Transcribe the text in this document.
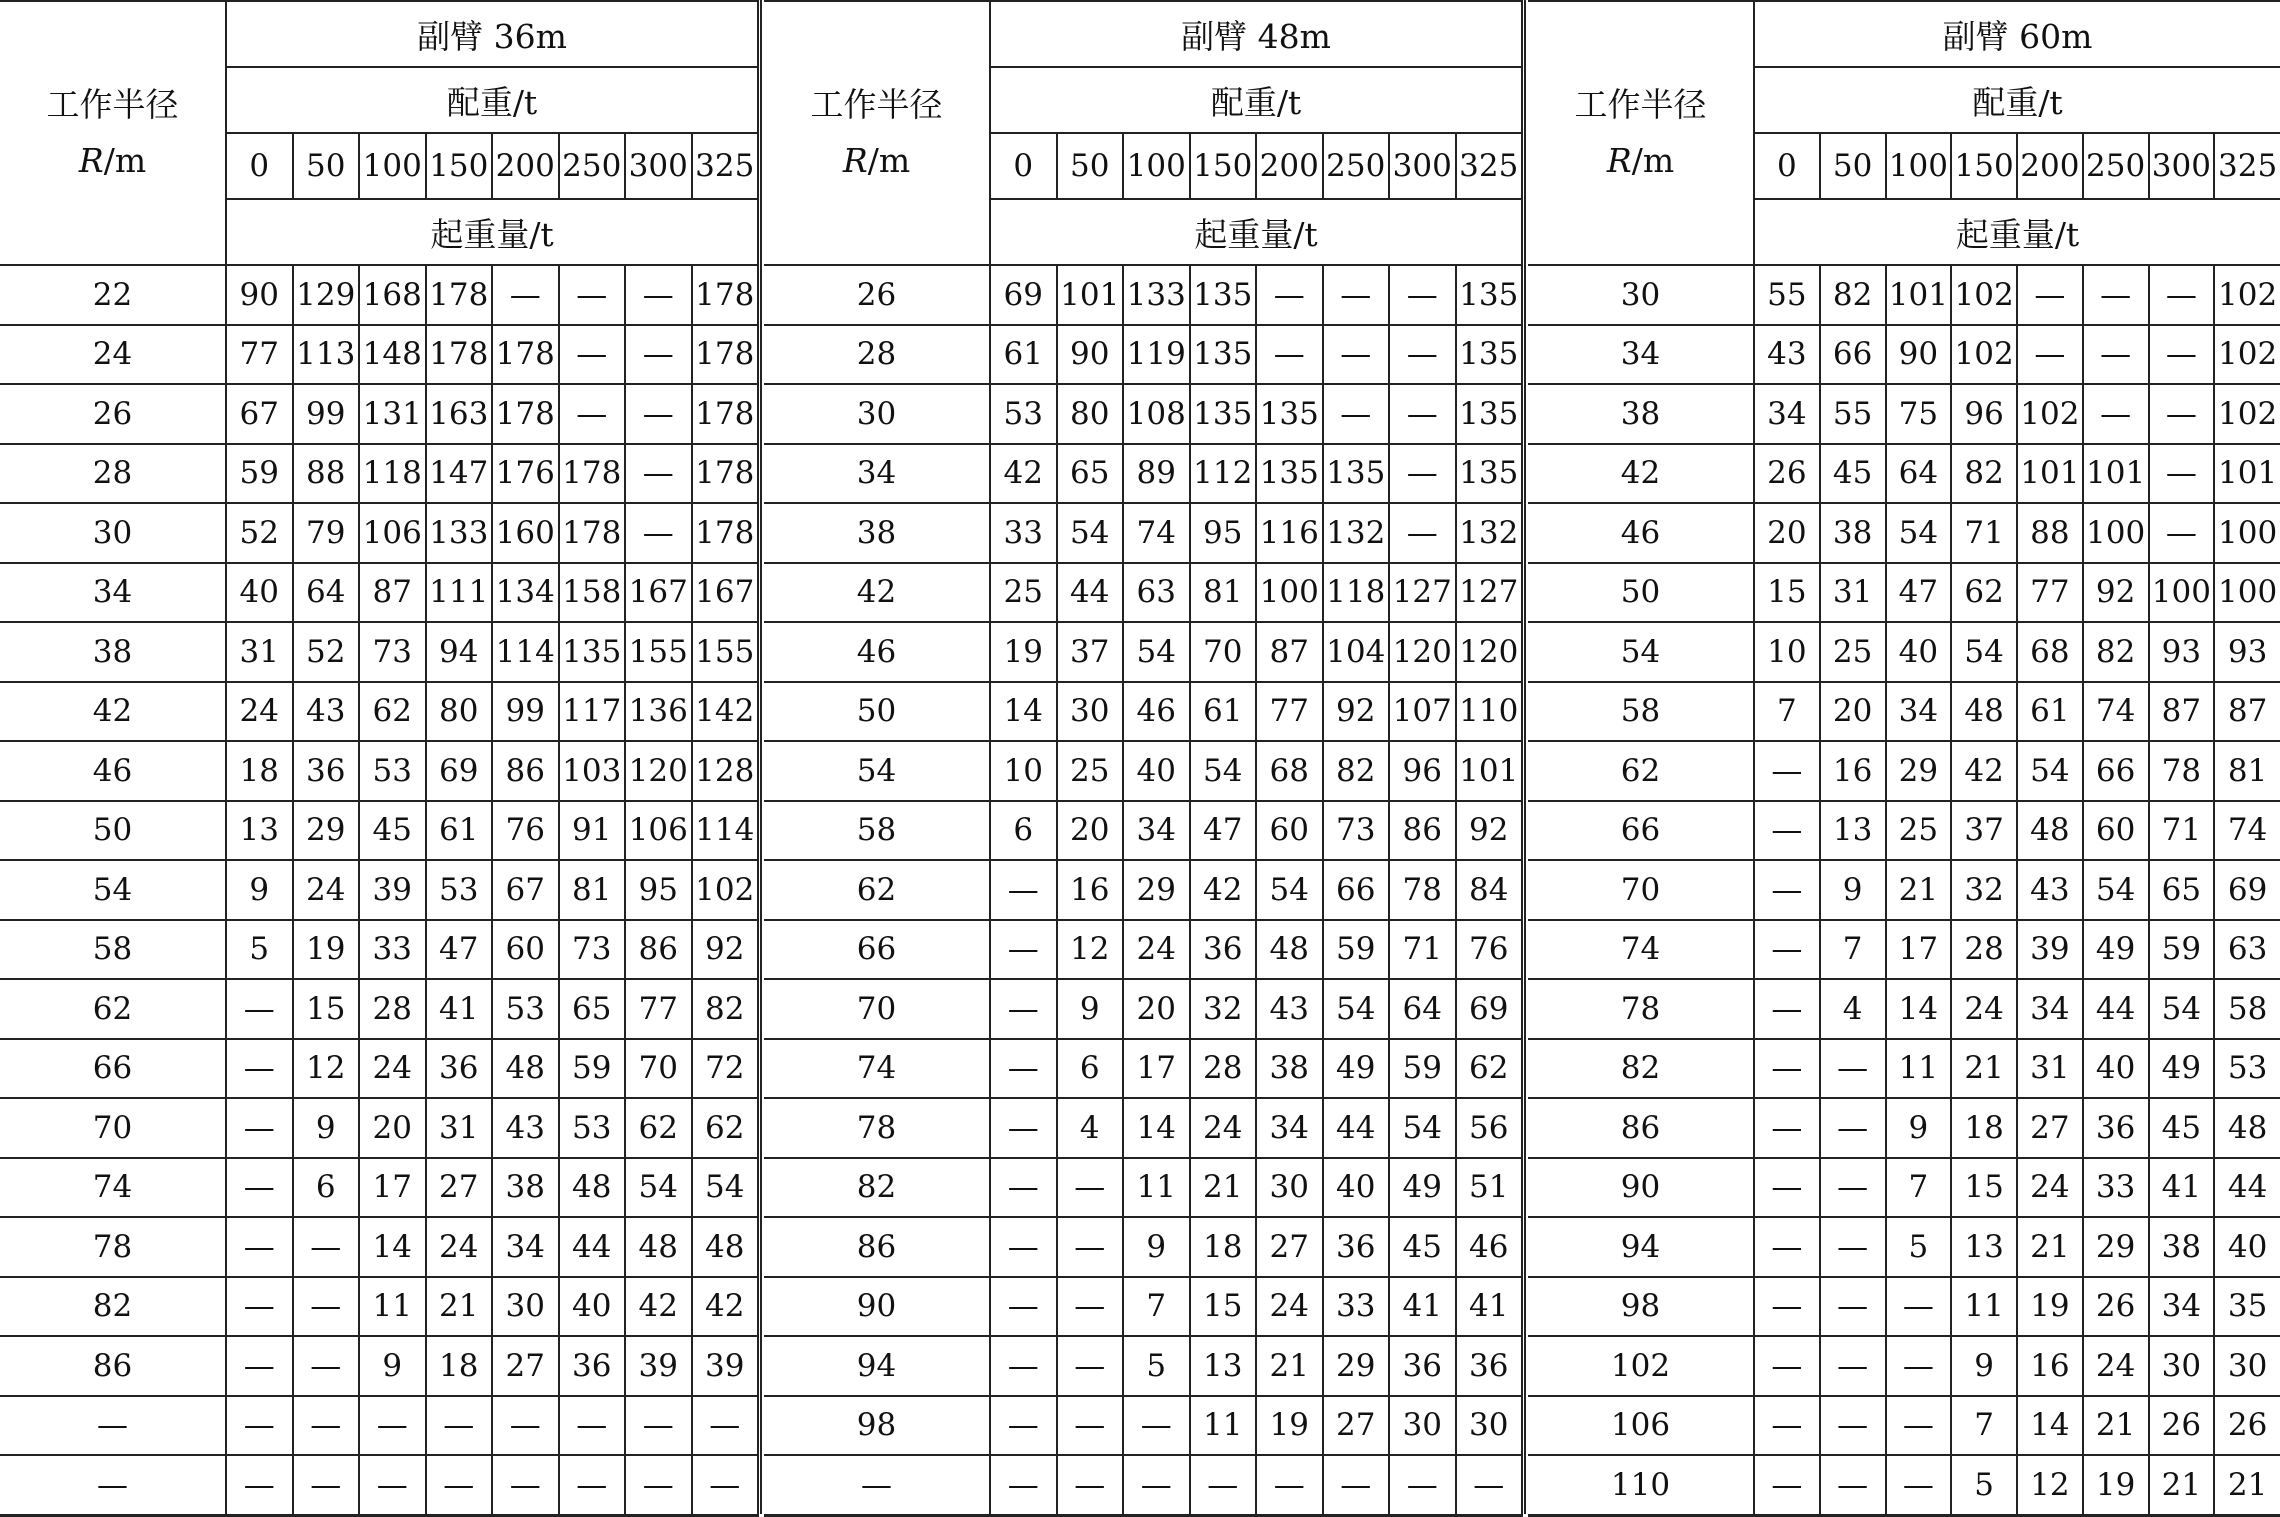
工作半径
R/m	副臂 36m							
	配重/t							
	0	50	100	150	200	250	300	325
	起重量/t							
22	90	129	168	178	—	—	—	178
24	77	113	148	178	178	—	—	178
26	67	99	131	163	178	—	—	178
28	59	88	118	147	176	178	—	178
30	52	79	106	133	160	178	—	178
34	40	64	87	111	134	158	167	167
38	31	52	73	94	114	135	155	155
42	24	43	62	80	99	117	136	142
46	18	36	53	69	86	103	120	128
50	13	29	45	61	76	91	106	114
54	9	24	39	53	67	81	95	102
58	5	19	33	47	60	73	86	92
62	—	15	28	41	53	65	77	82
66	—	12	24	36	48	59	70	72
70	—	9	20	31	43	53	62	62
74	—	6	17	27	38	48	54	54
78	—	—	14	24	34	44	48	48
82	—	—	11	21	30	40	42	42
86	—	—	9	18	27	36	39	39
—	—	—	—	—	—	—	—	—
—	—	—	—	—	—	—	—	—
工作半径
R/m	副臂 48m							
	配重/t							
	0	50	100	150	200	250	300	325
	起重量/t							
26	69	101	133	135	—	—	—	135
28	61	90	119	135	—	—	—	135
30	53	80	108	135	135	—	—	135
34	42	65	89	112	135	135	—	135
38	33	54	74	95	116	132	—	132
42	25	44	63	81	100	118	127	127
46	19	37	54	70	87	104	120	120
50	14	30	46	61	77	92	107	110
54	10	25	40	54	68	82	96	101
58	6	20	34	47	60	73	86	92
62	—	16	29	42	54	66	78	84
66	—	12	24	36	48	59	71	76
70	—	9	20	32	43	54	64	69
74	—	6	17	28	38	49	59	62
78	—	4	14	24	34	44	54	56
82	—	—	11	21	30	40	49	51
86	—	—	9	18	27	36	45	46
90	—	—	7	15	24	33	41	41
94	—	—	5	13	21	29	36	36
98	—	—	—	11	19	27	30	30
—	—	—	—	—	—	—	—	—
工作半径
R/m	副臂 60m							
	配重/t							
	0	50	100	150	200	250	300	325
	起重量/t							
30	55	82	101	102	—	—	—	102
34	43	66	90	102	—	—	—	102
38	34	55	75	96	102	—	—	102
42	26	45	64	82	101	101	—	101
46	20	38	54	71	88	100	—	100
50	15	31	47	62	77	92	100	100
54	10	25	40	54	68	82	93	93
58	7	20	34	48	61	74	87	87
62	—	16	29	42	54	66	78	81
66	—	13	25	37	48	60	71	74
70	—	9	21	32	43	54	65	69
74	—	7	17	28	39	49	59	63
78	—	4	14	24	34	44	54	58
82	—	—	11	21	31	40	49	53
86	—	—	9	18	27	36	45	48
90	—	—	7	15	24	33	41	44
94	—	—	5	13	21	29	38	40
98	—	—	—	11	19	26	34	35
102	—	—	—	9	16	24	30	30
106	—	—	—	7	14	21	26	26
110	—	—	—	5	12	19	21	21
